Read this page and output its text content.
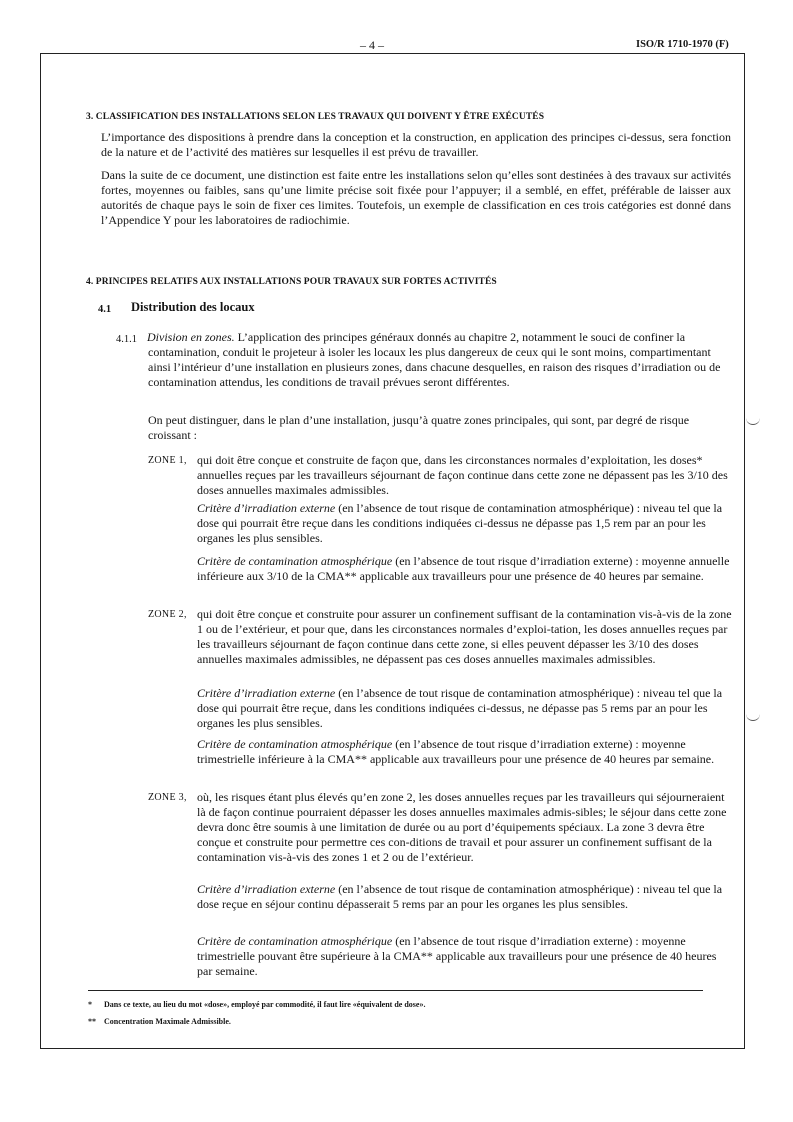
– 4 –	ISO/R 1710-1970 (F)

3. CLASSIFICATION DES INSTALLATIONS SELON LES TRAVAUX QUI DOIVENT Y ÊTRE EXÉCUTÉS

L’importance des dispositions à prendre dans la conception et la construction, en application des principes ci-dessus, sera fonction de la nature et de l’activité des matières sur lesquelles il est prévu de travailler.

Dans la suite de ce document, une distinction est faite entre les installations selon qu’elles sont destinées à des travaux sur activités fortes, moyennes ou faibles, sans qu’une limite précise soit fixée pour l’appuyer; il a semblé, en effet, préférable de laisser aux autorités de chaque pays le soin de fixer ces limites. Toutefois, un exemple de classification en ces trois catégories est donné dans l’Appendice Y pour les laboratoires de radiochimie.

4. PRINCIPES RELATIFS AUX INSTALLATIONS POUR TRAVAUX SUR FORTES ACTIVITÉS

4.1 Distribution des locaux

4.1.1 Division en zones. L’application des principes généraux donnés au chapitre 2, notamment le souci de confiner la contamination, conduit le projeteur à isoler les locaux les plus dangereux de ceux qui le sont moins, compartimentant ainsi l’intérieur d’une installation en plusieurs zones, dans chacune desquelles, en raison des risques d’irradiation ou de contamination attendus, les conditions de travail prévues seront différentes.

On peut distinguer, dans le plan d’une installation, jusqu’à quatre zones principales, qui sont, par degré de risque croissant :

ZONE 1, qui doit être conçue et construite de façon que, dans les circonstances normales d’exploitation, les doses* annuelles reçues par les travailleurs séjournant de façon continue dans cette zone ne dépassent pas les 3/10 des doses annuelles maximales admissibles.

Critère d’irradiation externe (en l’absence de tout risque de contamination atmosphérique) : niveau tel que la dose qui pourrait être reçue dans les conditions indiquées ci-dessus ne dépasse pas 1,5 rem par an pour les organes les plus sensibles.

Critère de contamination atmosphérique (en l’absence de tout risque d’irradiation externe) : moyenne annuelle inférieure aux 3/10 de la CMA** applicable aux travailleurs pour une présence de 40 heures par semaine.

ZONE 2, qui doit être conçue et construite pour assurer un confinement suffisant de la contamination vis-à-vis de la zone 1 ou de l’extérieur, et pour que, dans les circonstances normales d’exploi-tation, les doses annuelles reçues par les travailleurs séjournant de façon continue dans cette zone, si elles peuvent dépasser les 3/10 des doses annuelles maximales admissibles, ne dépassent pas ces doses annuelles maximales admissibles.

Critère d’irradiation externe (en l’absence de tout risque de contamination atmosphérique) : niveau tel que la dose qui pourrait être reçue, dans les conditions indiquées ci-dessus, ne dépasse pas 5 rems par an pour les organes les plus sensibles.

Critère de contamination atmosphérique (en l’absence de tout risque d’irradiation externe) : moyenne trimestrielle inférieure à la CMA** applicable aux travailleurs pour une présence de 40 heures par semaine.

ZONE 3, où, les risques étant plus élevés qu’en zone 2, les doses annuelles reçues par les travailleurs qui séjourneraient là de façon continue pourraient dépasser les doses annuelles maximales admis-sibles; le séjour dans cette zone devra donc être soumis à une limitation de durée ou au port d’équipements spéciaux. La zone 3 devra être conçue et construite pour permettre ces con-ditions de travail et pour assurer un confinement suffisant de la contamination vis-à-vis des zones 1 et 2 ou de l’extérieur.

Critère d’irradiation externe (en l’absence de tout risque de contamination atmosphérique) : niveau tel que la dose reçue en séjour continu dépasserait 5 rems par an pour les organes les plus sensibles.

Critère de contamination atmosphérique (en l’absence de tout risque d’irradiation externe) : moyenne trimestrielle pouvant être supérieure à la CMA** applicable aux travailleurs pour une présence de 40 heures par semaine.

* Dans ce texte, au lieu du mot «dose», employé par commodité, il faut lire «équivalent de dose».
** Concentration Maximale Admissible.
